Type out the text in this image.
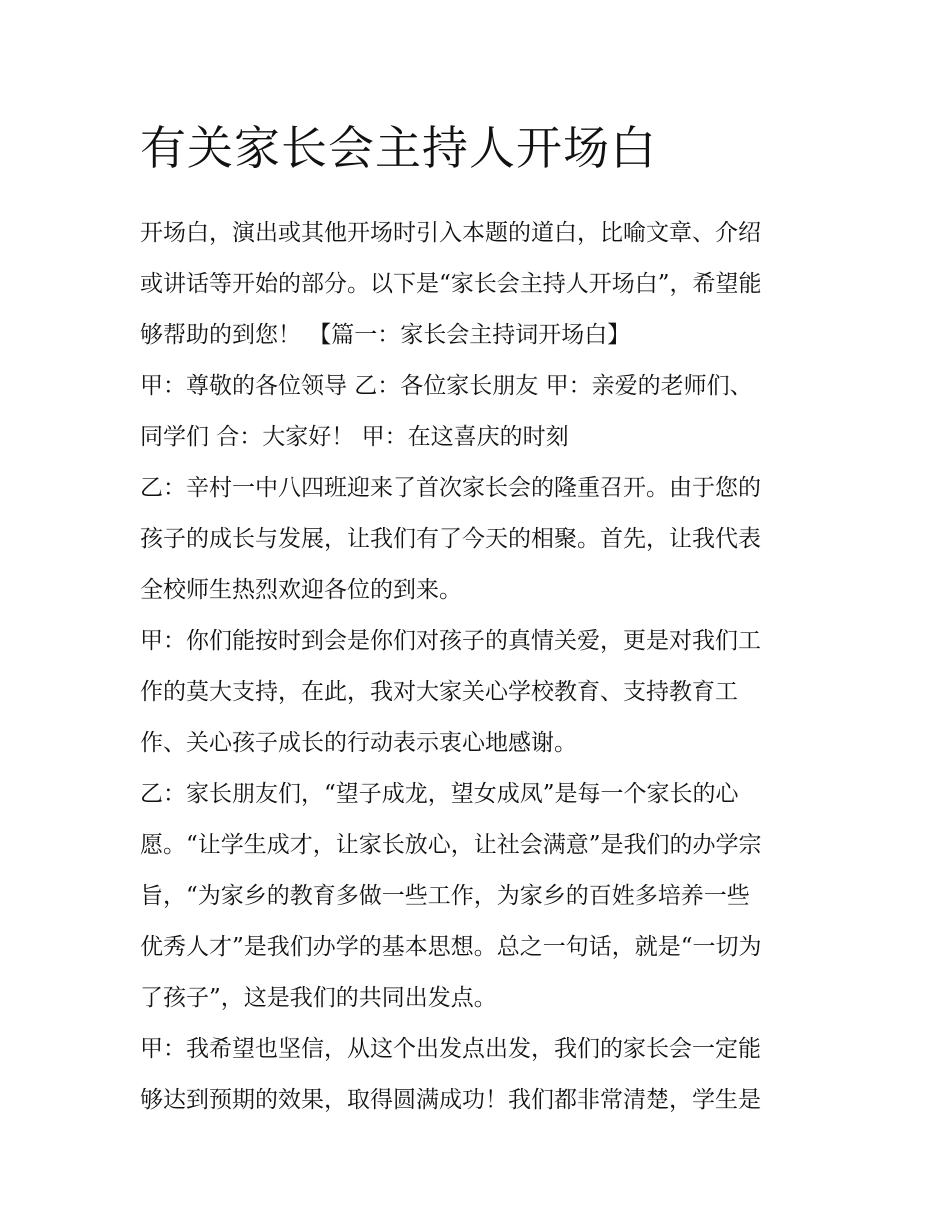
有关家长会主持人开场白
开场白，演出或其他开场时引入本题的道白，比喻文章、介绍
或讲话等开始的部分。以下是“家长会主持人开场白”，希望能
够帮助的到您！ 【篇一：家长会主持词开场白】
甲：尊敬的各位领导 乙：各位家长朋友 甲：亲爱的老师们、
同学们 合：大家好！ 甲：在这喜庆的时刻
乙：辛村一中八四班迎来了首次家长会的隆重召开。由于您的
孩子的成长与发展，让我们有了今天的相聚。首先，让我代表
全校师生热烈欢迎各位的到来。
甲：你们能按时到会是你们对孩子的真情关爱，更是对我们工
作的莫大支持，在此，我对大家关心学校教育、支持教育工
作、关心孩子成长的行动表示衷心地感谢。
乙：家长朋友们，“望子成龙，望女成凤”是每一个家长的心
愿。“让学生成才，让家长放心，让社会满意”是我们的办学宗
旨，“为家乡的教育多做一些工作，为家乡的百姓多培养一些
优秀人才”是我们办学的基本思想。总之一句话，就是“一切为
了孩子”，这是我们的共同出发点。
甲：我希望也坚信，从这个出发点出发，我们的家长会一定能
够达到预期的效果，取得圆满成功！我们都非常清楚，学生是
